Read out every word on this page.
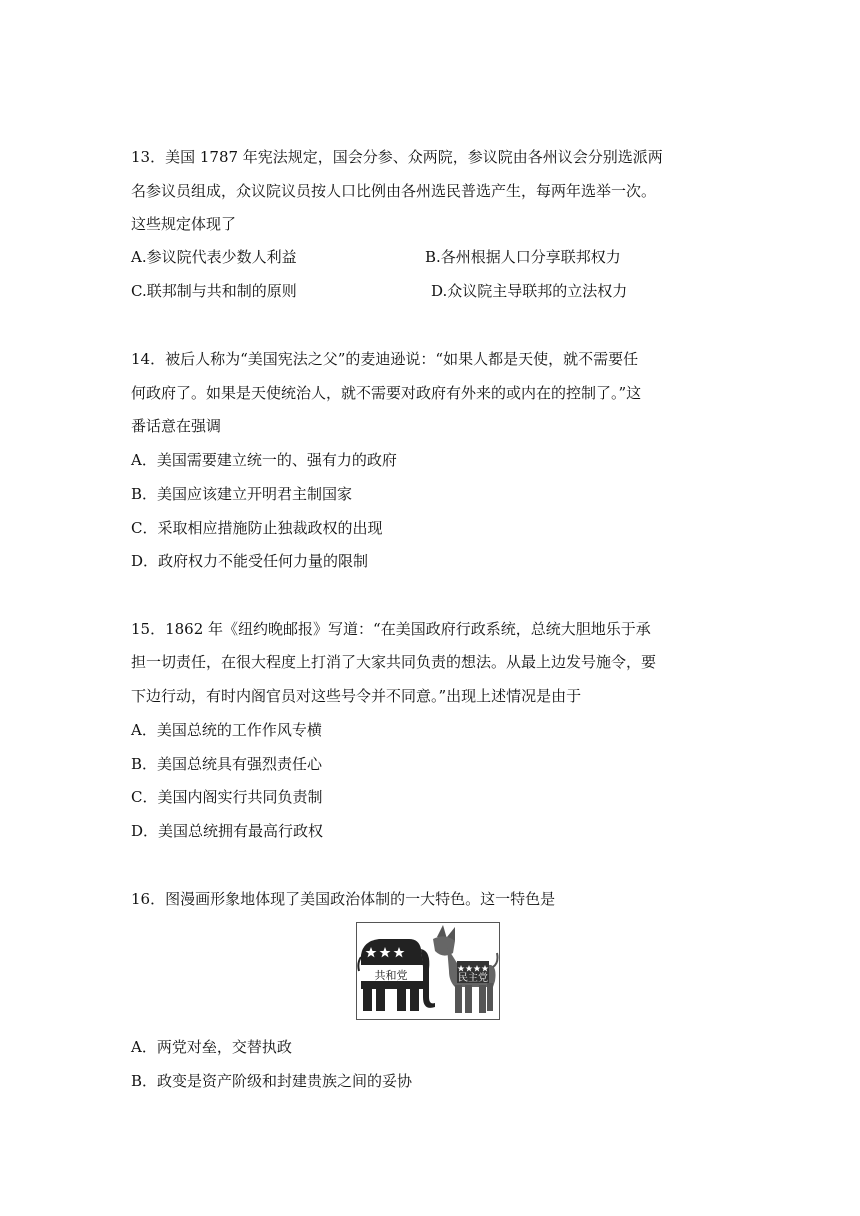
13．美国 1787 年宪法规定，国会分参、众两院，参议院由各州议会分别选派两
名参议员组成，众议院议员按人口比例由各州选民普选产生，每两年选举一次。
这些规定体现了
A.参议院代表少数人利益	B.各州根据人口分享联邦权力
C.联邦制与共和制的原则	D.众议院主导联邦的立法权力
14．被后人称为“美国宪法之父”的麦迪逊说：“如果人都是天使，就不需要任
何政府了。如果是天使统治人，就不需要对政府有外来的或内在的控制了。”这
番话意在强调
A．美国需要建立统一的、强有力的政府
B．美国应该建立开明君主制国家
C．采取相应措施防止独裁政权的出现
D．政府权力不能受任何力量的限制
15．1862 年《纽约晚邮报》写道：“在美国政府行政系统，总统大胆地乐于承
担一切责任，在很大程度上打消了大家共同负责的想法。从最上边发号施令，要
下边行动，有时内阁官员对这些号令并不同意。”出现上述情况是由于
A．美国总统的工作作风专横
B．美国总统具有强烈责任心
C．美国内阁实行共同负责制
D．美国总统拥有最高行政权
16．图漫画形象地体现了美国政治体制的一大特色。这一特色是
共和党	民主党
A．两党对垒，交替执政
B．政变是资产阶级和封建贵族之间的妥协
